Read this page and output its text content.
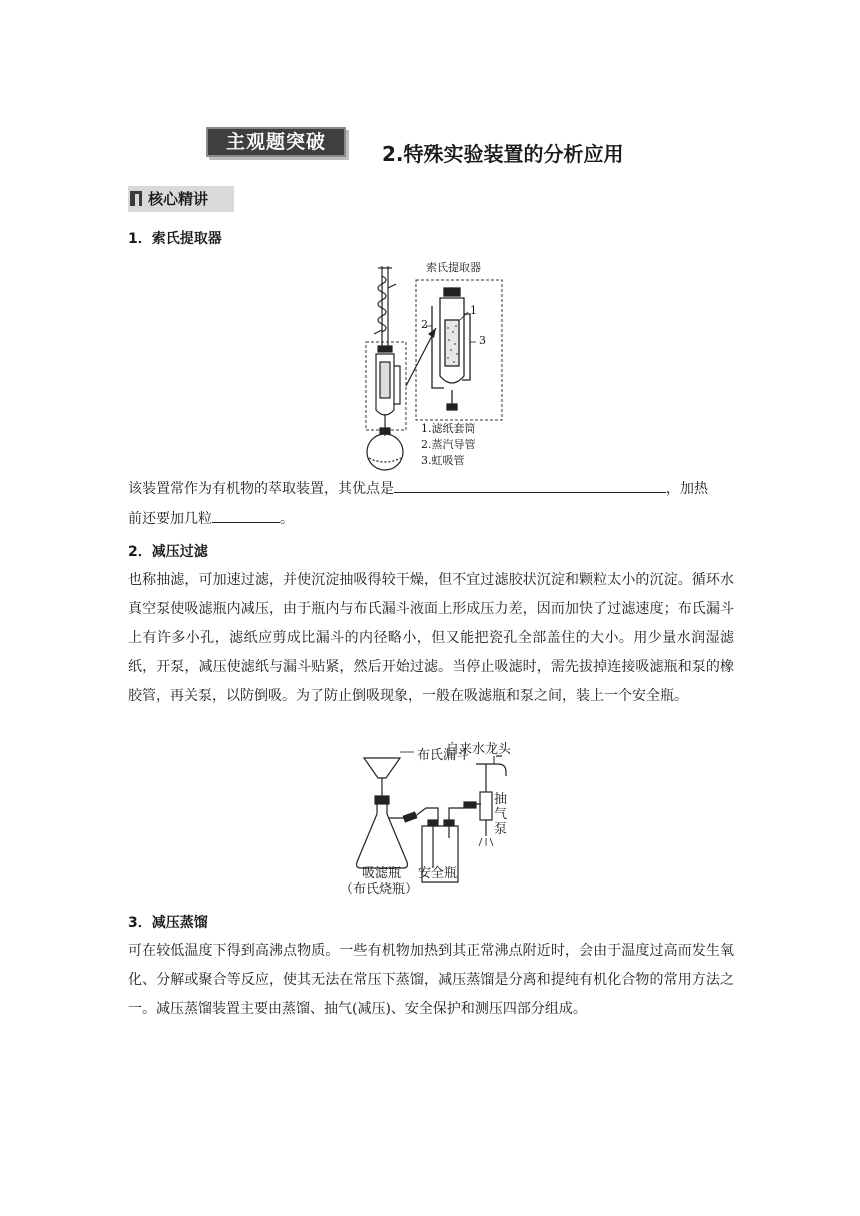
主观题突破	2.特殊实验装置的分析应用
核心精讲
1．索氏提取器
索氏提取器
1
2
3
1.滤纸套筒
2.蒸汽导管
3.虹吸管
该装置常作为有机物的萃取装置，其优点是	，加热
前还要加几粒	。
2．减压过滤
也称抽滤，可加速过滤，并使沉淀抽吸得较干燥，但不宜过滤胶状沉淀和颗粒太小的沉淀。循环水真空泵使吸滤瓶内减压，由于瓶内与布氏漏斗液面上形成压力差，因而加快了过滤速度；布氏漏斗上有许多小孔，滤纸应剪成比漏斗的内径略小，但又能把瓷孔全部盖住的大小。用少量水润湿滤纸，开泵，减压使滤纸与漏斗贴紧，然后开始过滤。当停止吸滤时，需先拔掉连接吸滤瓶和泵的橡胶管，再关泵，以防倒吸。为了防止倒吸现象，一般在吸滤瓶和泵之间，装上一个安全瓶。
自来水龙头
布氏漏斗
抽
气
泵
吸滤瓶
（布氏烧瓶）
安全瓶
3．减压蒸馏
可在较低温度下得到高沸点物质。一些有机物加热到其正常沸点附近时，会由于温度过高而发生氧化、分解或聚合等反应，使其无法在常压下蒸馏，减压蒸馏是分离和提纯有机化合物的常用方法之一。减压蒸馏装置主要由蒸馏、抽气(减压)、安全保护和测压四部分组成。
